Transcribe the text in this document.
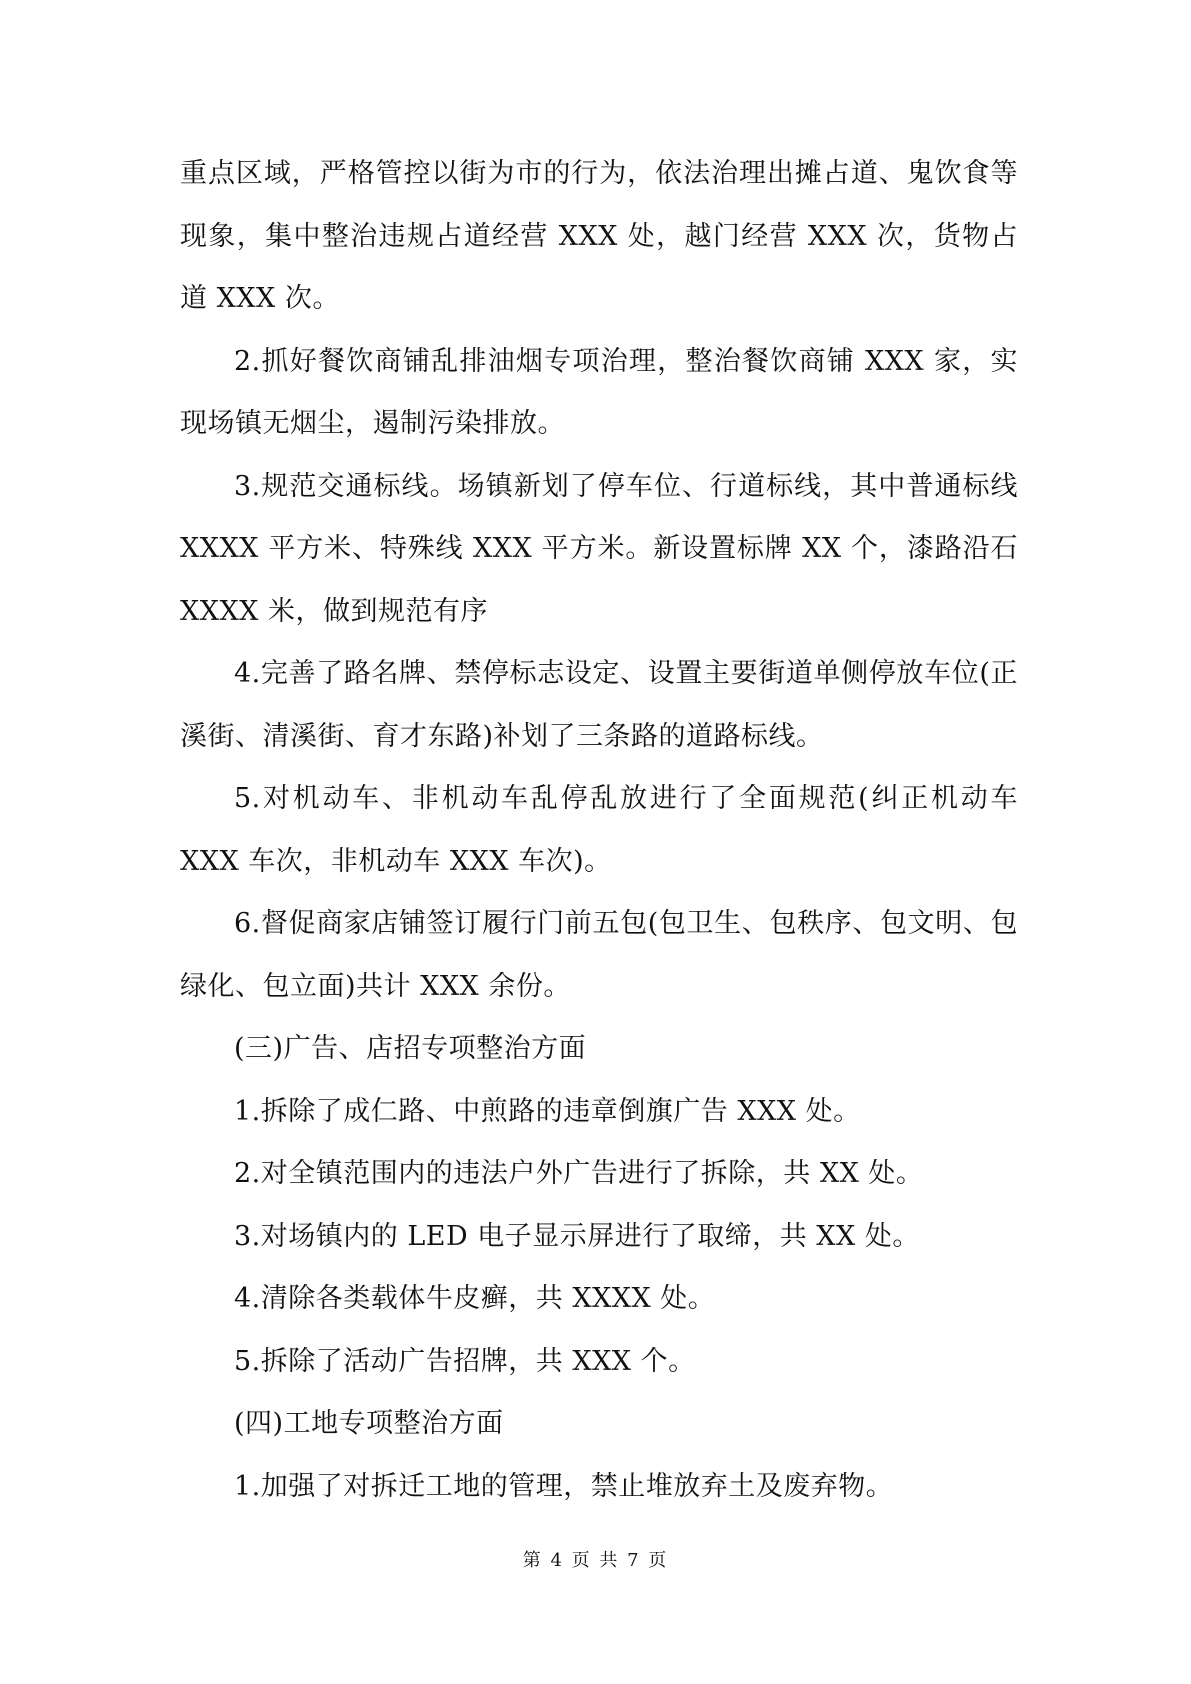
重点区域，严格管控以街为市的行为，依法治理出摊占道、鬼饮食等现象，集中整治违规占道经营 XXX 处，越门经营 XXX 次，货物占道 XXX 次。

2.抓好餐饮商铺乱排油烟专项治理，整治餐饮商铺 XXX 家，实现场镇无烟尘，遏制污染排放。

3.规范交通标线。场镇新划了停车位、行道标线，其中普通标线 XXXX 平方米、特殊线 XXX 平方米。新设置标牌 XX 个，漆路沿石 XXXX 米，做到规范有序

4.完善了路名牌、禁停标志设定、设置主要街道单侧停放车位(正溪街、清溪街、育才东路)补划了三条路的道路标线。

5.对机动车、非机动车乱停乱放进行了全面规范(纠正机动车 XXX 车次，非机动车 XXX 车次)。

6.督促商家店铺签订履行门前五包(包卫生、包秩序、包文明、包绿化、包立面)共计 XXX 余份。

(三)广告、店招专项整治方面

1.拆除了成仁路、中煎路的违章倒旗广告 XXX 处。

2.对全镇范围内的违法户外广告进行了拆除，共 XX 处。

3.对场镇内的 LED 电子显示屏进行了取缔，共 XX 处。

4.清除各类载体牛皮癣，共 XXXX 处。

5.拆除了活动广告招牌，共 XXX 个。

(四)工地专项整治方面

1.加强了对拆迁工地的管理，禁止堆放弃土及废弃物。

第 4 页 共 7 页
